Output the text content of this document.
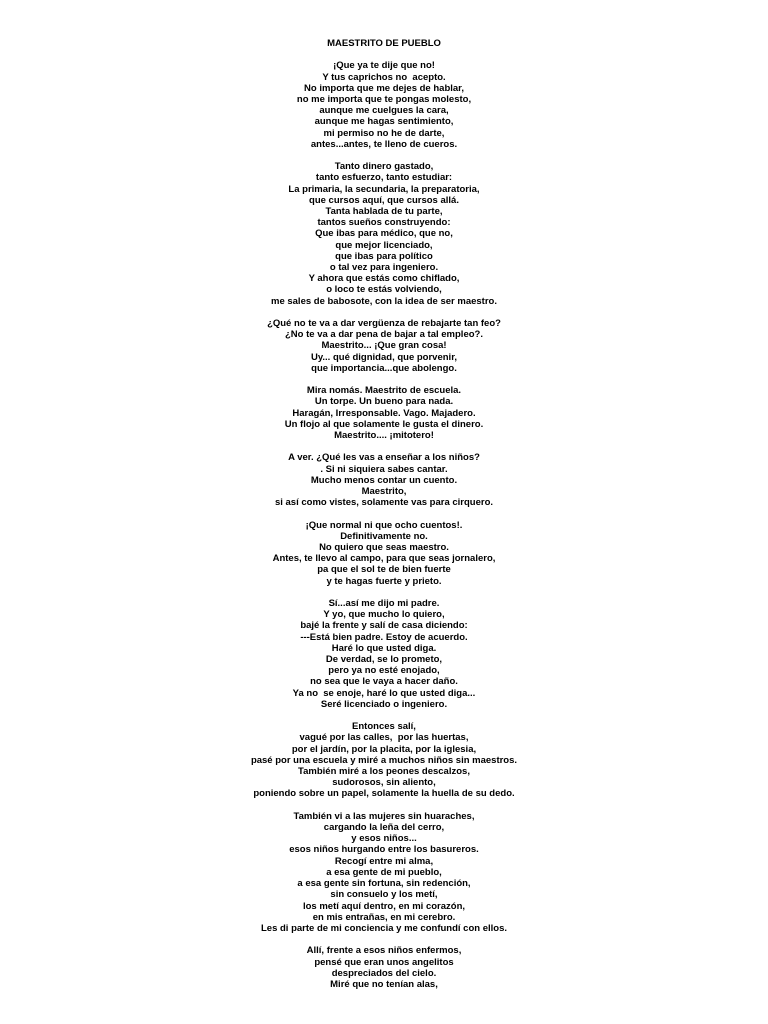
MAESTRITO DE PUEBLO
¡Que ya te dije que no!
Y tus caprichos no  acepto.
No importa que me dejes de hablar,
no me importa que te pongas molesto,
aunque me cuelgues la cara,
aunque me hagas sentimiento,
mi permiso no he de darte,
antes...antes, te lleno de cueros.
Tanto dinero gastado,
tanto esfuerzo, tanto estudiar:
La primaria, la secundaria, la preparatoria,
que cursos aquí, que cursos allá.
Tanta hablada de tu parte,
tantos sueños construyendo:
Que ibas para médico, que no,
que mejor licenciado,
que ibas para político
o tal vez para ingeniero.
Y ahora que estás como chiflado,
o loco te estás volviendo,
me sales de babosote, con la idea de ser maestro.
¿Qué no te va a dar vergüenza de rebajarte tan feo?
¿No te va a dar pena de bajar a tal empleo?.
Maestrito... ¡Que gran cosa!
Uy... qué dignidad, que porvenir,
que importancia...que abolengo.
Mira nomás. Maestrito de escuela.
Un torpe. Un bueno para nada.
Haragán, Irresponsable. Vago. Majadero.
Un flojo al que solamente le gusta el dinero.
Maestrito.... ¡mitotero!
A ver. ¿Qué les vas a enseñar a los niños?
. Si ni siquiera sabes cantar.
Mucho menos contar un cuento.
Maestrito,
si así como vistes, solamente vas para cirquero.
¡Que normal ni que ocho cuentos!.
Definitivamente no.
No quiero que seas maestro.
Antes, te llevo al campo, para que seas jornalero,
pa que el sol te de bien fuerte
y te hagas fuerte y prieto.
Sí...así me dijo mi padre.
Y yo, que mucho lo quiero,
bajé la frente y salí de casa diciendo:
---Está bien padre. Estoy de acuerdo.
Haré lo que usted diga.
De verdad, se lo prometo,
pero ya no esté enojado,
no sea que le vaya a hacer daño.
Ya no  se enoje, haré lo que usted diga...
Seré licenciado o ingeniero.
Entonces salí,
vagué por las calles,  por las huertas,
por el jardín, por la placita, por la iglesia,
pasé por una escuela y miré a muchos niños sin maestros.
También miré a los peones descalzos,
sudorosos, sin aliento,
poniendo sobre un papel, solamente la huella de su dedo.
También vi a las mujeres sin huaraches,
cargando la leña del cerro,
y esos niños...
esos niños hurgando entre los basureros.
Recogí entre mi alma,
a esa gente de mi pueblo,
a esa gente sin fortuna, sin redención,
sin consuelo y los metí,
los metí aquí dentro, en mi corazón,
en mis entrañas, en mi cerebro.
Les di parte de mi conciencia y me confundí con ellos.
Allí, frente a esos niños enfermos,
pensé que eran unos angelitos
despreciados del cielo.
Miré que no tenían alas,
